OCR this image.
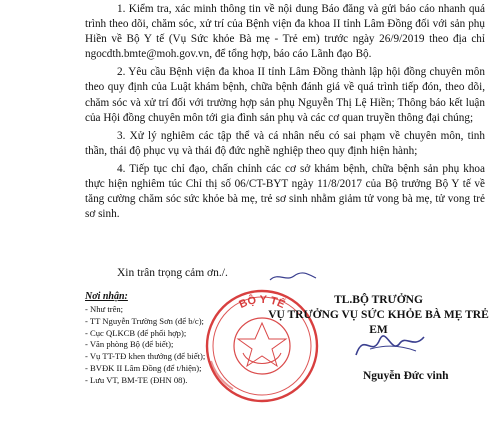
1. Kiểm tra, xác minh thông tin về nội dung Báo đăng và gửi báo cáo nhanh quá trình theo dõi, chăm sóc, xử trí của Bệnh viện đa khoa II tỉnh Lâm Đồng đối với sản phụ Hiền về Bộ Y tế (Vụ Sức khỏe Bà mẹ - Trẻ em) trước ngày 26/9/2019 theo địa chỉ ngocdth.bmte@moh.gov.vn, để tổng hợp, báo cáo Lãnh đạo Bộ.

2. Yêu cầu Bệnh viện đa khoa II tỉnh Lâm Đồng thành lập hội đồng chuyên môn theo quy định của Luật khám bệnh, chữa bệnh đánh giá về quá trình tiếp đón, theo dõi, chăm sóc và xử trí đối với trường hợp sản phụ Nguyễn Thị Lệ Hiền; Thông báo kết luận của Hội đồng chuyên môn tới gia đình sản phụ và các cơ quan truyền thông đại chúng;

3. Xử lý nghiêm các tập thể và cá nhân nếu có sai phạm về chuyên môn, tinh thần, thái độ phục vụ và thái độ đức nghề nghiệp theo quy định hiện hành;

4. Tiếp tục chỉ đạo, chấn chỉnh các cơ sở khám bệnh, chữa bệnh sản phụ khoa thực hiện nghiêm túc Chỉ thị số 06/CT-BYT ngày 11/8/2017 của Bộ trưởng Bộ Y tế về tăng cường chăm sóc sức khỏe bà mẹ, trẻ sơ sinh nhằm giảm tử vong bà mẹ, tử vong trẻ sơ sinh.

Xin trân trọng cảm ơn./.
Nơi nhận:
- Như trên;
- TT Nguyễn Trường Sơn (để b/c);
- Cục QLKCB (để phối hợp);
- Văn phòng Bộ (để biết);
- Vụ TT-TĐ khen thưởng (để biết);
- BVĐK II Lâm Đồng (để t/hiện);
- Lưu VT, BM-TE (ĐHN 08).
BỘ Y TẾ	TL.BỘ TRƯỞNG
VỤ TRƯỞNG VỤ SỨC KHỎE BÀ MẸ TRẺ EM
Nguyễn Đức vinh
